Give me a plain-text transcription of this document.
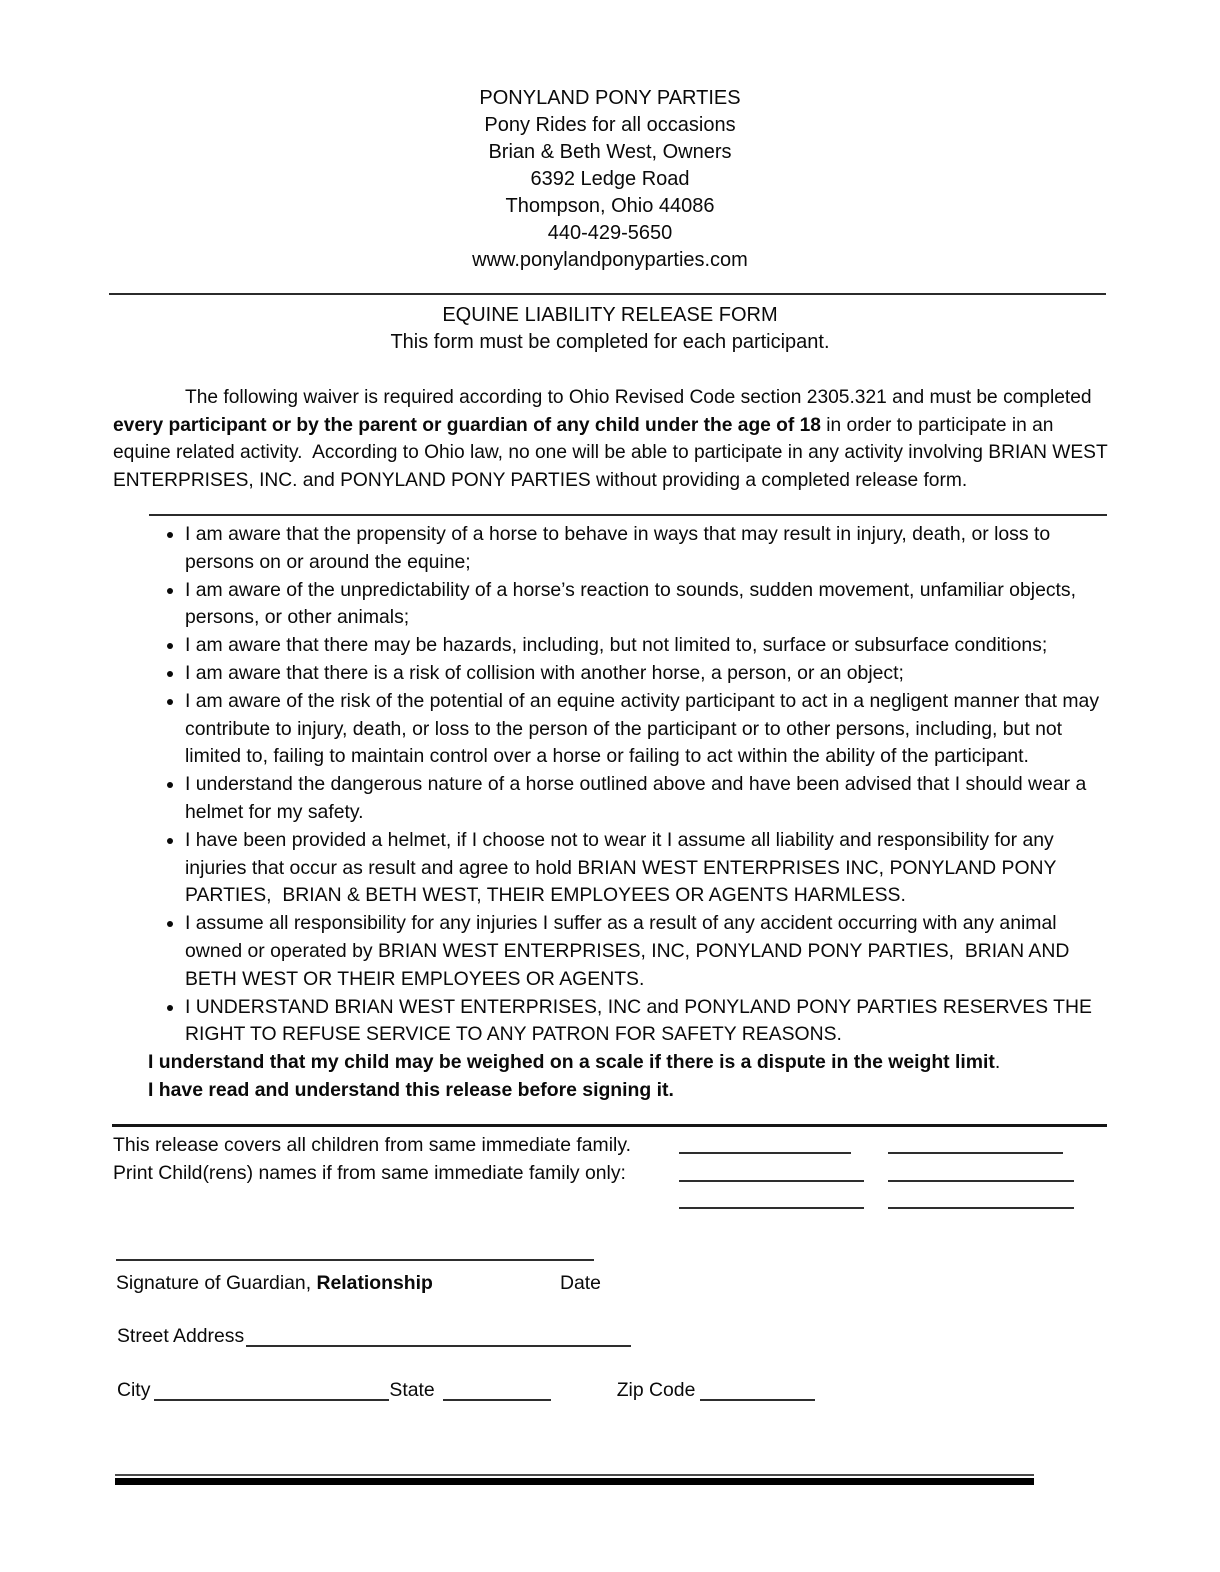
PONYLAND PONY PARTIES
Pony Rides for all occasions
Brian & Beth West, Owners
6392 Ledge Road
Thompson, Ohio 44086
440-429-5650
www.ponylandponyparties.com
EQUINE LIABILITY RELEASE FORM
This form must be completed for each participant.

The following waiver is required according to Ohio Revised Code section 2305.321 and must be completed every participant or by the parent or guardian of any child under the age of 18 in order to participate in an equine related activity.  According to Ohio law, no one will be able to participate in any activity involving BRIAN WEST ENTERPRISES, INC. and PONYLAND PONY PARTIES without providing a completed release form.

• I am aware that the propensity of a horse to behave in ways that may result in injury, death, or loss to persons on or around the equine;
• I am aware of the unpredictability of a horse’s reaction to sounds, sudden movement, unfamiliar objects, persons, or other animals;
• I am aware that there may be hazards, including, but not limited to, surface or subsurface conditions;
• I am aware that there is a risk of collision with another horse, a person, or an object;
• I am aware of the risk of the potential of an equine activity participant to act in a negligent manner that may contribute to injury, death, or loss to the person of the participant or to other persons, including, but not limited to, failing to maintain control over a horse or failing to act within the ability of the participant.
• I understand the dangerous nature of a horse outlined above and have been advised that I should wear a helmet for my safety.
• I have been provided a helmet, if I choose not to wear it I assume all liability and responsibility for any injuries that occur as result and agree to hold BRIAN WEST ENTERPRISES INC, PONYLAND PONY PARTIES,  BRIAN & BETH WEST, THEIR EMPLOYEES OR AGENTS HARMLESS.
• I assume all responsibility for any injuries I suffer as a result of any accident occurring with any animal owned or operated by BRIAN WEST ENTERPRISES, INC, PONYLAND PONY PARTIES,  BRIAN AND BETH WEST OR THEIR EMPLOYEES OR AGENTS.
• I UNDERSTAND BRIAN WEST ENTERPRISES, INC and PONYLAND PONY PARTIES RESERVES THE RIGHT TO REFUSE SERVICE TO ANY PATRON FOR SAFETY REASONS.

I understand that my child may be weighed on a scale if there is a dispute in the weight limit.

I have read and understand this release before signing it.

This release covers all children from same immediate family.
Print Child(rens) names if from same immediate family only:
Signature of Guardian, Relationship	Date
Street Address
City	State	Zip Code
